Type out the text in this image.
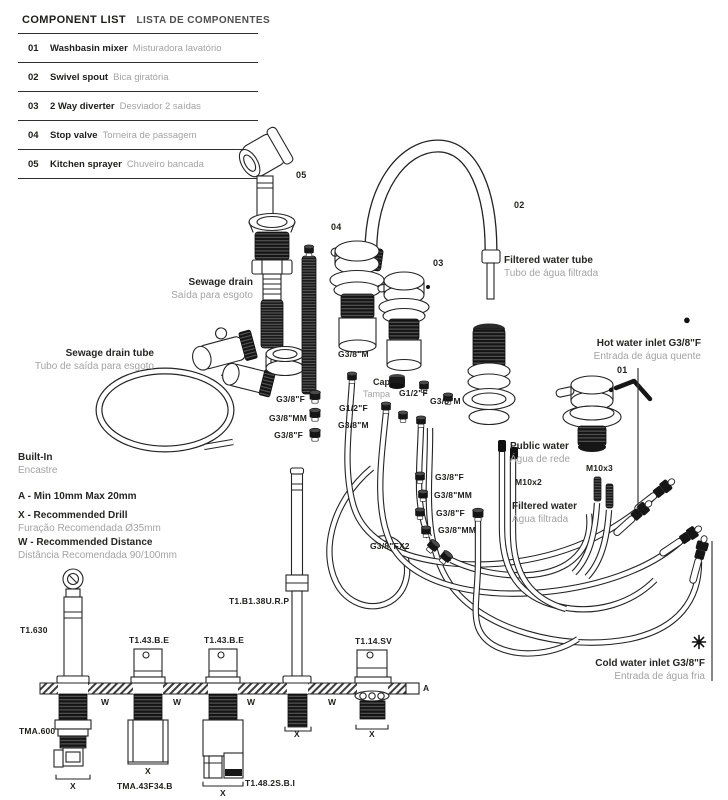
COMPONENT LIST LISTA DE COMPONENTES
01	Washbasin mixer Misturadora lavatório
02	Swivel spout Bica giratória
03	2 Way diverter Desviador 2 saídas
04	Stop valve Torneira de passagem
05	Kitchen sprayer Chuveiro bancada
05
04
03
02
01
Sewage drain
Saída para esgoto
Sewage drain tube
Tubo de saída para esgoto
Filtered water tube
Tubo de água filtrada
Hot water inlet G3/8"F
Entrada de água quente
Public water
Água de rede
Filtered water
Água filtrada
Cold water inlet G3/8"F
Entrada de água fria
Built-In
Encastre
Cap
Tampa
A - Min 10mm Max 20mm
X - Recommended Drill
Furação Recomendada Ø35mm
W - Recommended Distance
Distância Recomendada 90/100mm
G3/8"M
G1/2"F
G3/8"M
G1/2"F
G3/8"M
G3/8"F
G3/8"MM
G3/8"F
G3/8"F
G3/8"MM
G3/8"F
G3/8"MM
G3/8"FX2
M10x2
M10x3
T1.630
T1.43.B.E	T1.43.B.E
T1.B1.38U.R.P
T1.14.SV
TMA.600
TMA.43F34.B	T1.48.2S.B.I
W	W	W	W
X
X
X
X	X
A
●
